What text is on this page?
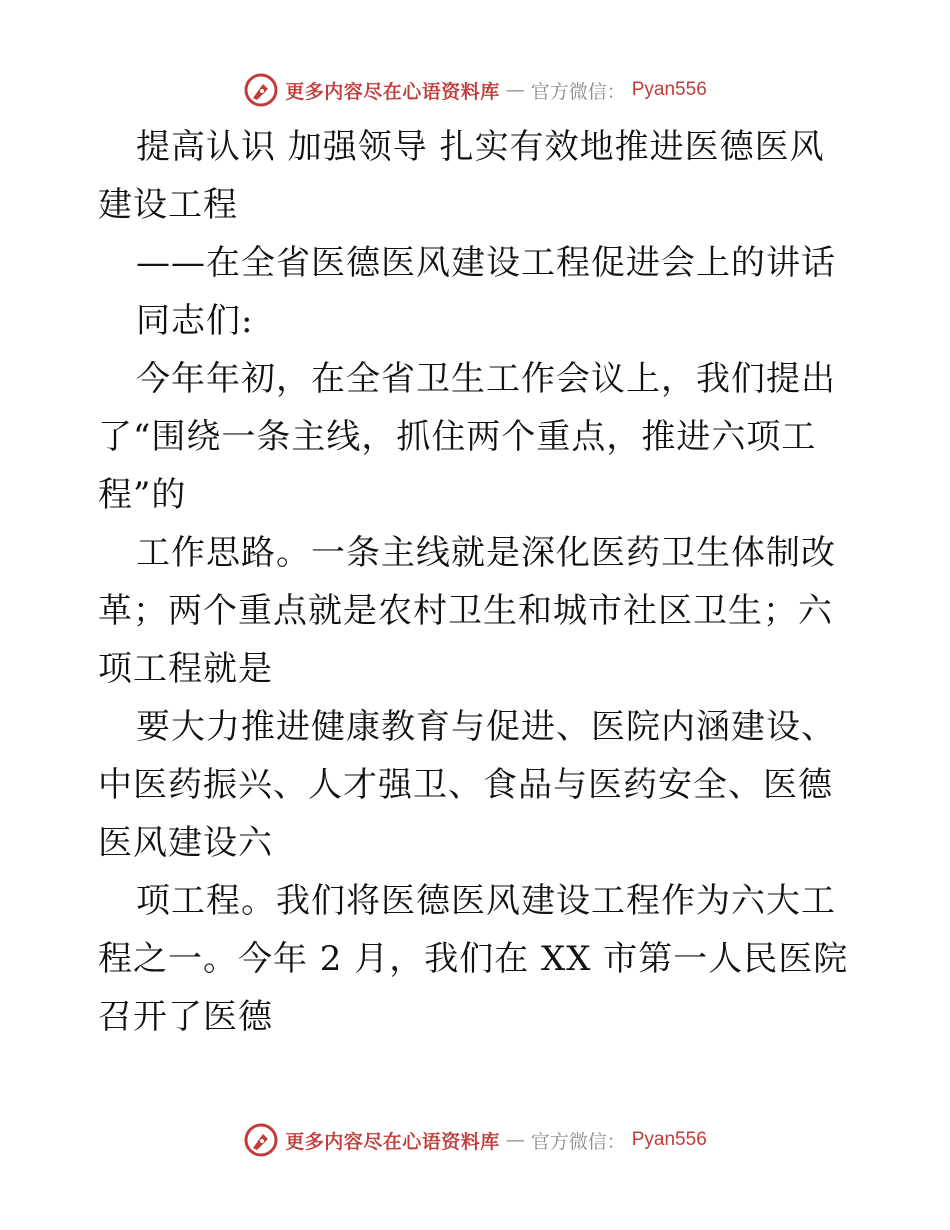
更多内容尽在心语资料库 — 官方微信： Pyan556

提高认识 加强领导 扎实有效地推进医德医风建设工程

——在全省医德医风建设工程促进会上的讲话

同志们:

今年年初，在全省卫生工作会议上，我们提出了“围绕一条主线，抓住两个重点，推进六项工程”的

工作思路。一条主线就是深化医药卫生体制改革；两个重点就是农村卫生和城市社区卫生；六项工程就是

要大力推进健康教育与促进、医院内涵建设、中医药振兴、人才强卫、食品与医药安全、医德医风建设六

项工程。我们将医德医风建设工程作为六大工程之一。今年 2 月，我们在 XX 市第一人民医院召开了医德

更多内容尽在心语资料库 — 官方微信： Pyan556
